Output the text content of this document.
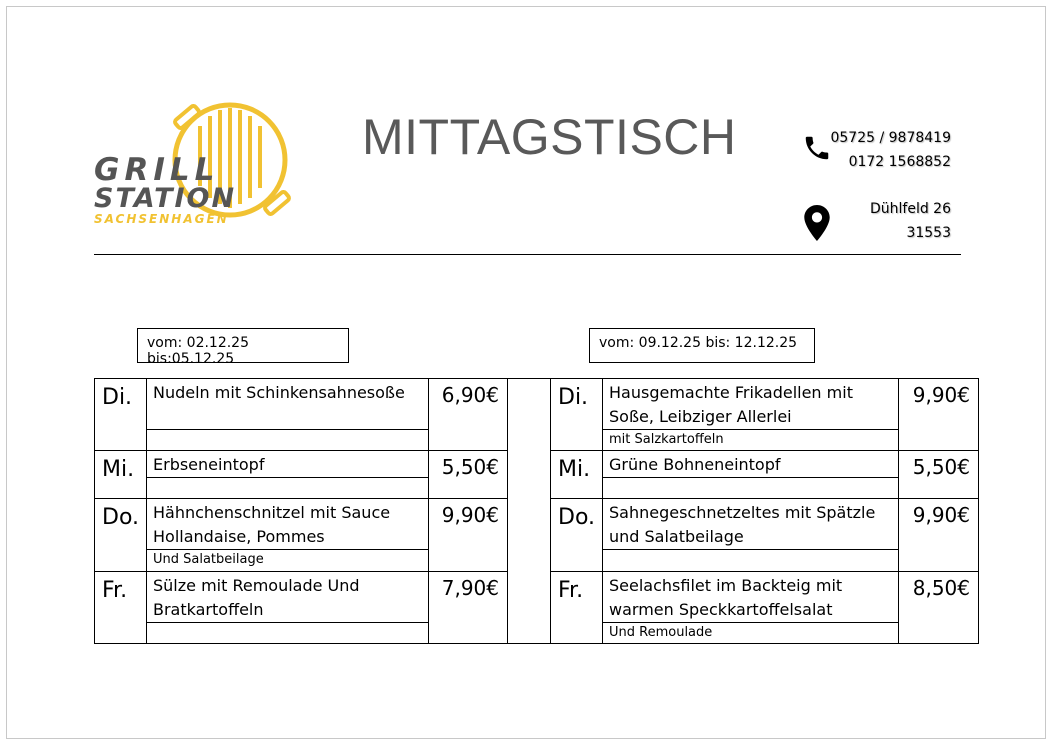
GRILL
STATION
SACHSENHAGEN
MITTAGSTISCH	05725 / 9878419
0172 1568852
Dühlfeld 26
31553
vom: 02.12.25 bis:05.12.25
vom: 09.12.25 bis: 12.12.25
Di.	Nudeln mit Schinkensahnesoße	6,90€		Di.	Hausgemachte Frikadellen mit Soße, Leibziger Allerlei	9,90€
					mit Salzkartoffeln	
Mi.	Erbseneintopf	5,50€		Mi.	Grüne Bohneneintopf	5,50€

Do.	Hähnchenschnitzel mit Sauce Hollandaise, Pommes	9,90€		Do.	Sahnegeschnetzeltes mit Spätzle und Salatbeilage	9,90€
	Und Salatbeilage					
Fr.	Sülze mit Remoulade Und Bratkartoffeln	7,90€		Fr.	Seelachsfilet im Backteig mit warmen Speckkartoffelsalat	8,50€
					Und Remoulade	
